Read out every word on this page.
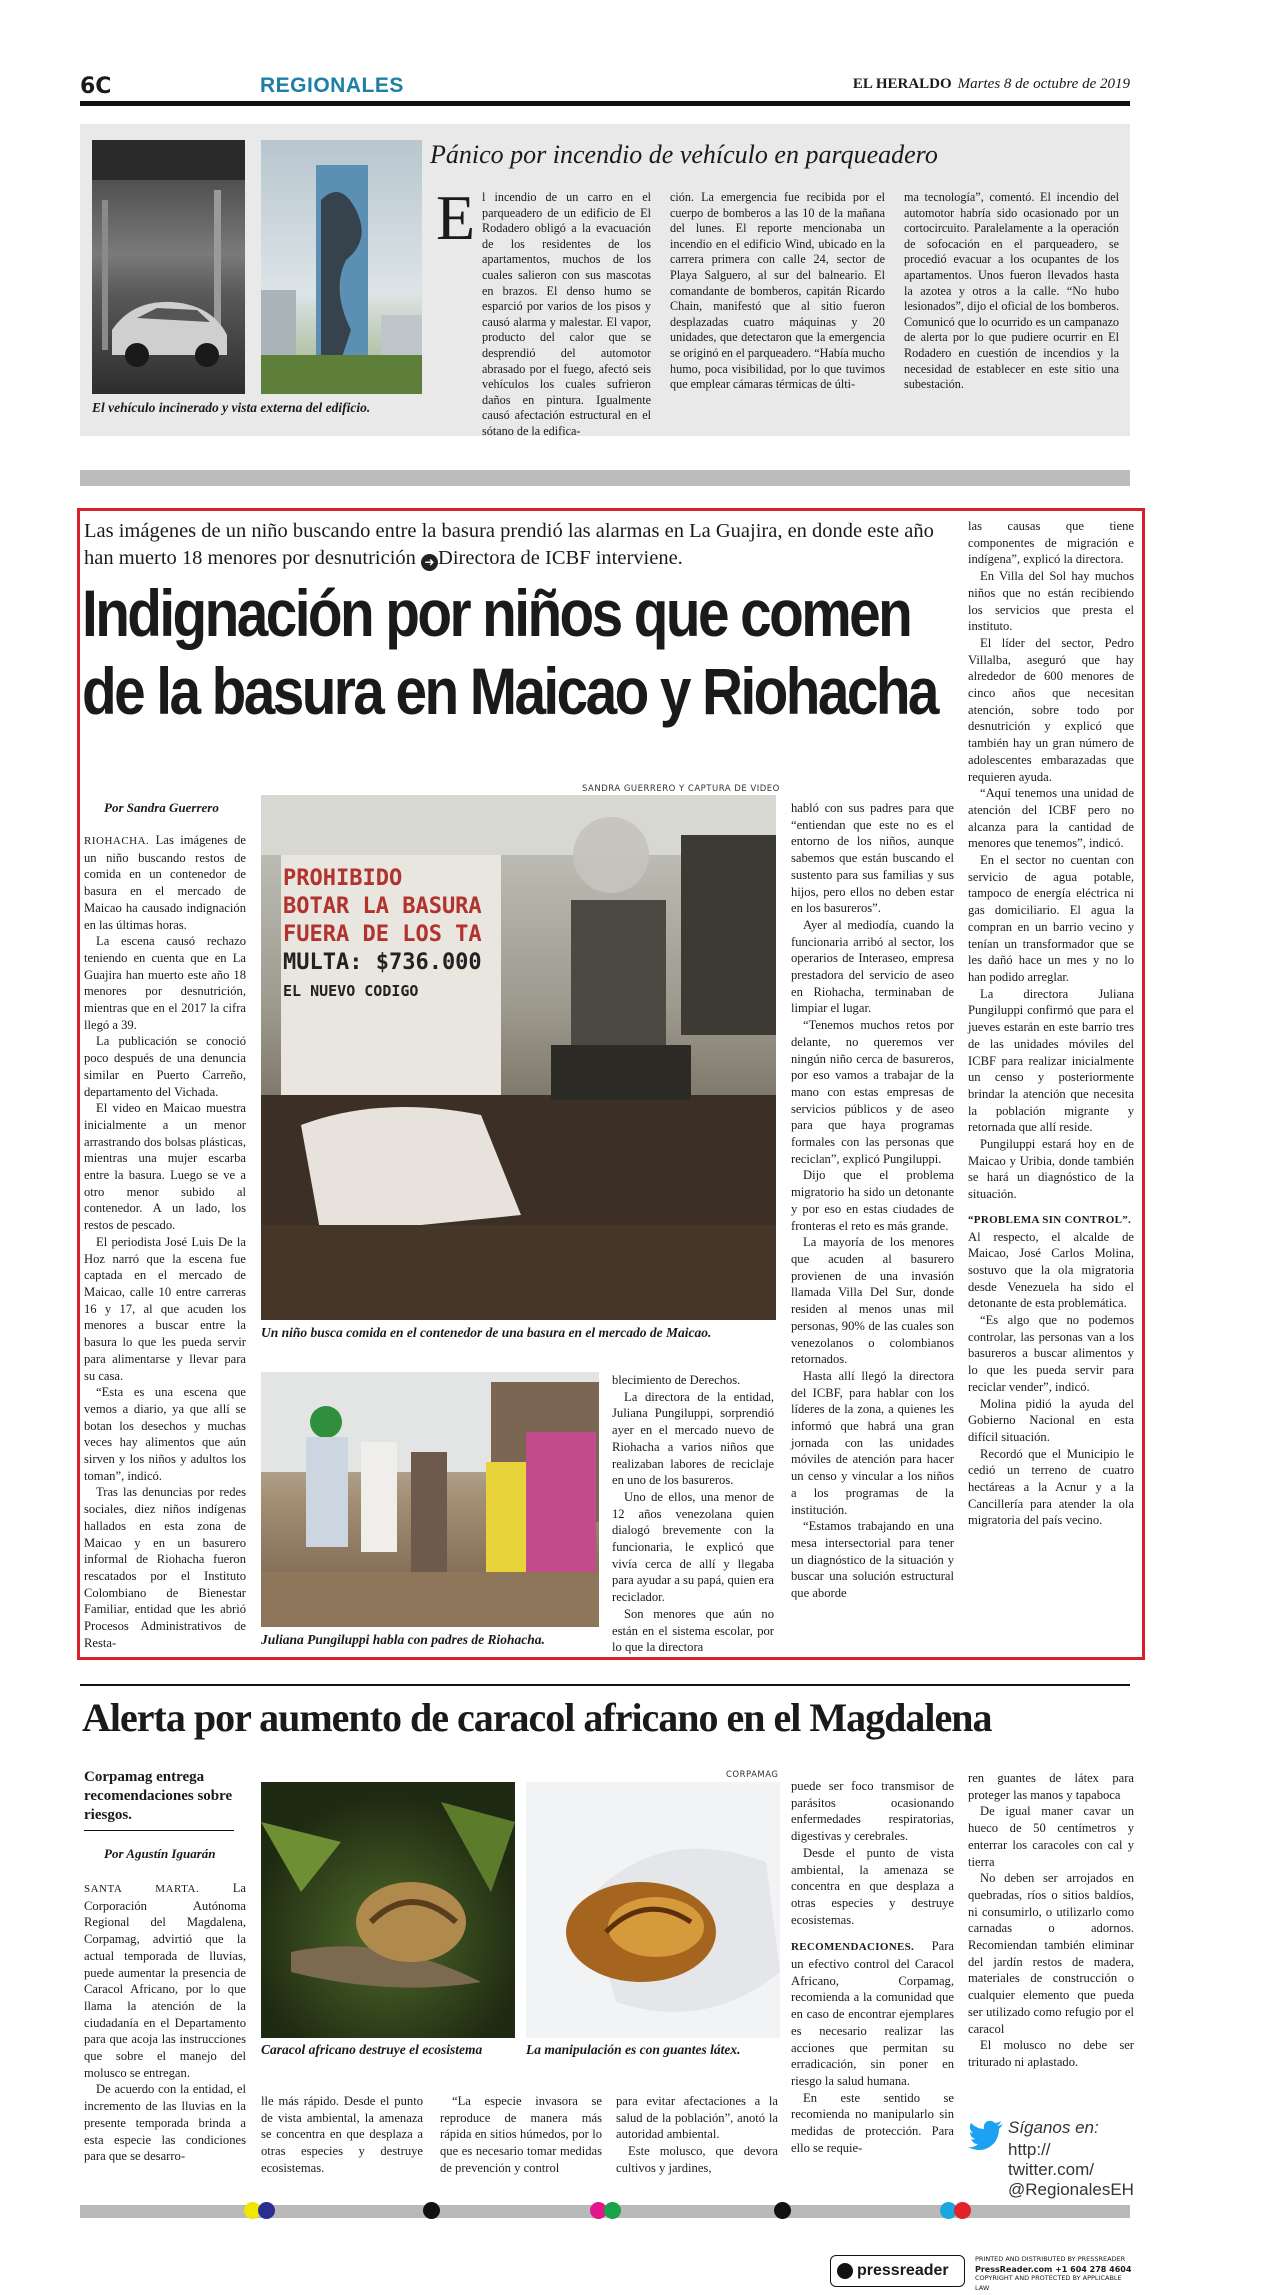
6C	REGIONALES	EL HERALDO Martes 8 de octubre de 2019
El vehículo incinerado y vista externa del edificio.
Pánico por incendio de vehículo en parqueadero
E l incendio de un carro en el parqueadero de un edificio de El Rodadero obligó a la evacuación de los residentes de los apartamentos, muchos de los cuales salieron con sus mascotas en brazos. El denso humo se esparció por varios de los pisos y causó alarma y malestar. El vapor, producto del calor que se desprendió del automotor abrasado por el fuego, afectó seis vehículos los cuales sufrieron daños en pintura. Igualmente causó afectación estructural en el sótano de la edifica-

ción. La emergencia fue recibida por el cuerpo de bomberos a las 10 de la mañana del lunes. El reporte mencionaba un incendio en el edificio Wind, ubicado en la carrera primera con calle 24, sector de Playa Salguero, al sur del balneario. El comandante de bomberos, capitán Ricardo Chain, manifestó que al sitio fueron desplazadas cuatro máquinas y 20 unidades, que detectaron que la emergencia se originó en el parqueadero. “Había mucho humo, poca visibilidad, por lo que tuvimos que emplear cámaras térmicas de últi-

ma tecnología”, comentó. El incendio del automotor habría sido ocasionado por un cortocircuito. Paralelamente a la operación de sofocación en el parqueadero, se procedió evacuar a los ocupantes de los apartamentos. Unos fueron llevados hasta la azotea y otros a la calle. “No hubo lesionados”, dijo el oficial de los bomberos. Comunicó que lo ocurrido es un campanazo de alerta por lo que pudiere ocurrir en El Rodadero en cuestión de incendios y la necesidad de establecer en este sitio una subestación.

Las imágenes de un niño buscando entre la basura prendió las alarmas en La Guajira, en donde este año han muerto 18 menores por desnutrición ➜ Directora de ICBF interviene.
Indignación por niños que comen
de la basura en Maicao y Riohacha
SANDRA GUERRERO Y CAPTURA DE VIDEO
Por Sandra Guerrero
PROHIBIDO
BOTAR LA BASURA
FUERA DE LOS TA
MULTA: $736.000
EL NUEVO CODIGO
Un niño busca comida en el contenedor de una basura en el mercado de Maicao.
Juliana Pungiluppi habla con padres de Riohacha.

RIOHACHA. Las imágenes de un niño buscando restos de comida en un contenedor de basura en el mercado de Maicao ha causado indignación en las últimas horas.

La escena causó rechazo teniendo en cuenta que en La Guajira han muerto este año 18 menores por desnutrición, mientras que en el 2017 la cifra llegó a 39.

La publicación se conoció poco después de una denuncia similar en Puerto Carreño, departamento del Vichada.

El video en Maicao muestra inicialmente a un menor arrastrando dos bolsas plásticas, mientras una mujer escarba entre la basura. Luego se ve a otro menor subido al contenedor. A un lado, los restos de pescado.

El periodista José Luis De la Hoz narró que la escena fue captada en el mercado de Maicao, calle 10 entre carreras 16 y 17, al que acuden los menores a buscar entre la basura lo que les pueda servir para alimentarse y llevar para su casa.

“Esta es una escena que vemos a diario, ya que allí se botan los desechos y muchas veces hay alimentos que aún sirven y los niños y adultos los toman”, indicó.

Tras las denuncias por redes sociales, diez niños indígenas hallados en esta zona de Maicao y en un basurero informal de Riohacha fueron rescatados por el Instituto Colombiano de Bienestar Familiar, entidad que les abrió Procesos Administrativos de Resta-

blecimiento de Derechos.

La directora de la entidad, Juliana Pungiluppi, sorprendió ayer en el mercado nuevo de Riohacha a varios niños que realizaban labores de reciclaje en uno de los basureros.

Uno de ellos, una menor de 12 años venezolana quien dialogó brevemente con la funcionaria, le explicó que vivía cerca de allí y llegaba para ayudar a su papá, quien era reciclador.

Son menores que aún no están en el sistema escolar, por lo que la directora

habló con sus padres para que “entiendan que este no es el entorno de los niños, aunque sabemos que están buscando el sustento para sus familias y sus hijos, pero ellos no deben estar en los basureros”.

Ayer al mediodía, cuando la funcionaria arribó al sector, los operarios de Interaseo, empresa prestadora del servicio de aseo en Riohacha, terminaban de limpiar el lugar.

“Tenemos muchos retos por delante, no queremos ver ningún niño cerca de basureros, por eso vamos a trabajar de la mano con estas empresas de servicios públicos y de aseo para que haya programas formales con las personas que reciclan”, explicó Pungiluppi.

Dijo que el problema migratorio ha sido un detonante y por eso en estas ciudades de fronteras el reto es más grande.

La mayoría de los menores que acuden al basurero provienen de una invasión llamada Villa Del Sur, donde residen al menos unas mil personas, 90% de las cuales son venezolanos o colombianos retornados.

Hasta allí llegó la directora del ICBF, para hablar con los líderes de la zona, a quienes les informó que habrá una gran jornada con las unidades móviles de atención para hacer un censo y vincular a los niños a los programas de la institución.

“Estamos trabajando en una mesa intersectorial para tener un diagnóstico de la situación y buscar una solución estructural que aborde

las causas que tiene componentes de migración e indígena”, explicó la directora.

En Villa del Sol hay muchos niños que no están recibiendo los servicios que presta el instituto.

El líder del sector, Pedro Villalba, aseguró que hay alrededor de 600 menores de cinco años que necesitan atención, sobre todo por desnutrición y explicó que también hay un gran número de adolescentes embarazadas que requieren ayuda.

“Aquí tenemos una unidad de atención del ICBF pero no alcanza para la cantidad de menores que tenemos”, indicó.

En el sector no cuentan con servicio de agua potable, tampoco de energía eléctrica ni gas domiciliario. El agua la compran en un barrio vecino y tenían un transformador que se les dañó hace un mes y no lo han podido arreglar.

La directora Juliana Pungiluppi confirmó que para el jueves estarán en este barrio tres de las unidades móviles del ICBF para realizar inicialmente un censo y posteriormente brindar la atención que necesita la población migrante y retornada que allí reside.

Pungiluppi estará hoy en de Maicao y Uribia, donde también se hará un diagnóstico de la situación.

“PROBLEMA SIN CONTROL”.

Al respecto, el alcalde de Maicao, José Carlos Molina, sostuvo que la ola migratoria desde Venezuela ha sido el detonante de esta problemática.

“Es algo que no podemos controlar, las personas van a los basureros a buscar alimentos y lo que les pueda servir para reciclar vender”, indicó.

Molina pidió la ayuda del Gobierno Nacional en esta difícil situación.

Recordó que el Municipio le cedió un terreno de cuatro hectáreas a la Acnur y a la Cancillería para atender la ola migratoria del país vecino.

Alerta por aumento de caracol africano en el Magdalena
Corpamag entrega recomendaciones sobre riesgos.
Por Agustín Iguarán
CORPAMAG
Caracol africano destruye el ecosistema	La manipulación es con guantes látex.

SANTA MARTA.	La Corporación Autónoma Regional del Magdalena, Corpamag, advirtió que la actual temporada de lluvias, puede aumentar la presencia de Caracol Africano, por lo que llama la atención de la ciudadanía en el Departamento para que acoja las instrucciones que sobre el manejo del molusco se entregan.

De acuerdo con la entidad, el incremento de las lluvias en la presente temporada brinda a esta especie las condiciones para que se desarro-

lle más rápido. Desde el punto de vista ambiental, la amenaza se concentra en que desplaza a otras especies y destruye ecosistemas.

“La especie invasora se reproduce de manera más rápida en sitios húmedos, por lo que es necesario tomar medidas de prevención y control

para evitar afectaciones a la salud de la población”, anotó la autoridad ambiental.

Este molusco, que devora cultivos y jardines,

puede ser foco transmisor de parásitos ocasionando enfermedades respiratorias, digestivas y cerebrales.

Desde el punto de vista ambiental, la amenaza se concentra en que desplaza a otras especies y destruye ecosistemas.

RECOMENDACIONES. Para un efectivo control del Caracol Africano, Corpamag, recomienda a la comunidad que en caso de encontrar ejemplares es necesario realizar las acciones que permitan su erradicación, sin poner en riesgo la salud humana.

En este sentido se recomienda no manipularlo sin medidas de protección. Para ello se requie-

ren guantes de látex para proteger las manos y tapaboca

De igual maner cavar un hueco de 50 centímetros y enterrar los caracoles con cal y tierra

No deben ser arrojados en quebradas, ríos o sitios baldíos, ni consumirlo, o utilizarlo como carnadas o adornos. Recomiendan también eliminar del jardín restos de madera, materiales de construcción o cualquier elemento que pueda ser utilizado como refugio por el caracol

El molusco no debe ser triturado ni aplastado.

Síganos en:
http:// twitter.com/ @RegionalesEH
pressreader
PRINTED AND DISTRIBUTED BY PRESSREADER
PressReader.com +1 604 278 4604
COPYRIGHT AND PROTECTED BY APPLICABLE LAW
